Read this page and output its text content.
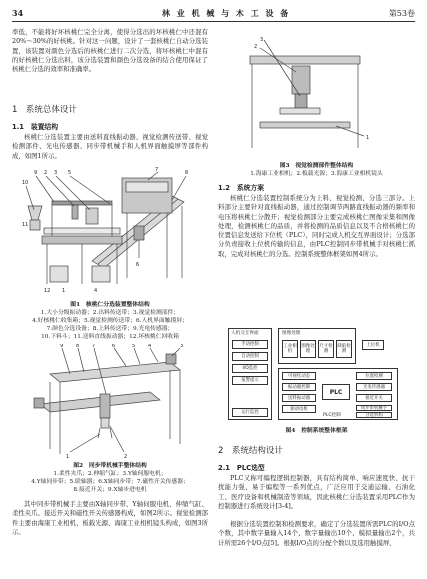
34	林 业 机 械 与 木 工 设 备	第53卷
率低，不能将好坏核桃仁完全分离，使得分选出的坏核桃仁中还混有20%～30%的好核桃。针对这一问题，设计了一套核桃仁自动分选装置，该装置对颜色分选后的核桃仁进行二次分选，将坏核桃仁中混有的好核桃仁分选出料，该分选装置和颜色分选设备的结合使用保证了核桃仁分选的效率和准确率。
1　系统总体设计
1.1　装置结构
核桃仁分选装置主要由送料直线振动器、视觉检测传送带、视觉检测部件、光电传感器、同步带机械手和人机界面触摸屏等部件构成，如图1所示。
10
9 2 3 5	7	8
11
12	4
6
1
图1　核桃仁分选装置整体结构
1.大小分级振动器；2.出料传送带；3.视觉检测部件；
4.好核桃仁收集箱；5.视觉检测传送带；6.人机界面触摸屏；
7.颜色分选设备；8.上料传送带；9.光电传感器；
10.下料斗；11.送料直线振动器；12.坏核桃仁回收箱
9	8	7	6	5	4	3
1	2
图2　同步带机械手整体结构
1.柔性夹爪；2.伸缩气缸；3.Y轴伺服电机；
4.Y轴同步带；5.联轴器；6.X轴同步带；7.磁性开关传感器；
8.接近开关；9.X轴步进电机
其中同步带机械手主要由X轴同步带、Y轴伺服电机、伸缩气缸、柔性夹爪、接近开关和磁性开关传感器构成，如图2所示。视觉检测部件主要由海康工业相机、板载光源、海康工业相机镜头构成，如图3所示。
2
3
1
图3　视觉检测部件整体结构
1.海康工业相机；2.板载光源；3.海康工业相机镜头
1.2　系统方案
核桃仁分选装置控制系统分为上料、视觉检测、分选三部分。上料部分主要针对直线振动器，通过控制调节两路直线振动器的频率和电压将核桃仁分散开；视觉检测部分主要完成核桃仁图像采集和图像处理，检测核桃仁的品质，并将检测的品质信息以及不合格核桃仁的位置信息发送给下位机（PLC），同时完成人机交互界面设计；分选部分负责接收上位机传输的信息，由PLC控制同步带机械手对核桃仁抓取，完成对核桃仁的分选。控制系统整体框架如图4所示。
人机交互界面
手动控制
自动控制
I/O监控
报警提示
运行监控
图像处理
工业相机
图像处理
尺寸检测
缺陷检测
上位机
可视化动态
振动器控制
送料振动器
驱动电机
PLC
PLC控制
位置检测
光电传感器
接近开关
同步带机械手
分选机构
图4　控制系统整体框架
2　系统结构设计
2.1　PLC选型
PLC又称可编程逻辑控制器，具有结构简单、响应速度快、抗干扰能力强、易于编程等一系列优点，广泛应用于交通运输、石油化工、医疗设备和机械制造等领域，因此核桃仁分选装置采用PLC作为控制器进行系统设计[3-4]。
根据分选装置控制和检测要求，确定了分选装置所需PLC的I/O点个数，其中数字量输入14个、数字量输出10个、模拟量输出2个，共计所需26个I/O点[5]。根据I/O点的分配个数以及选用触摸屏、
